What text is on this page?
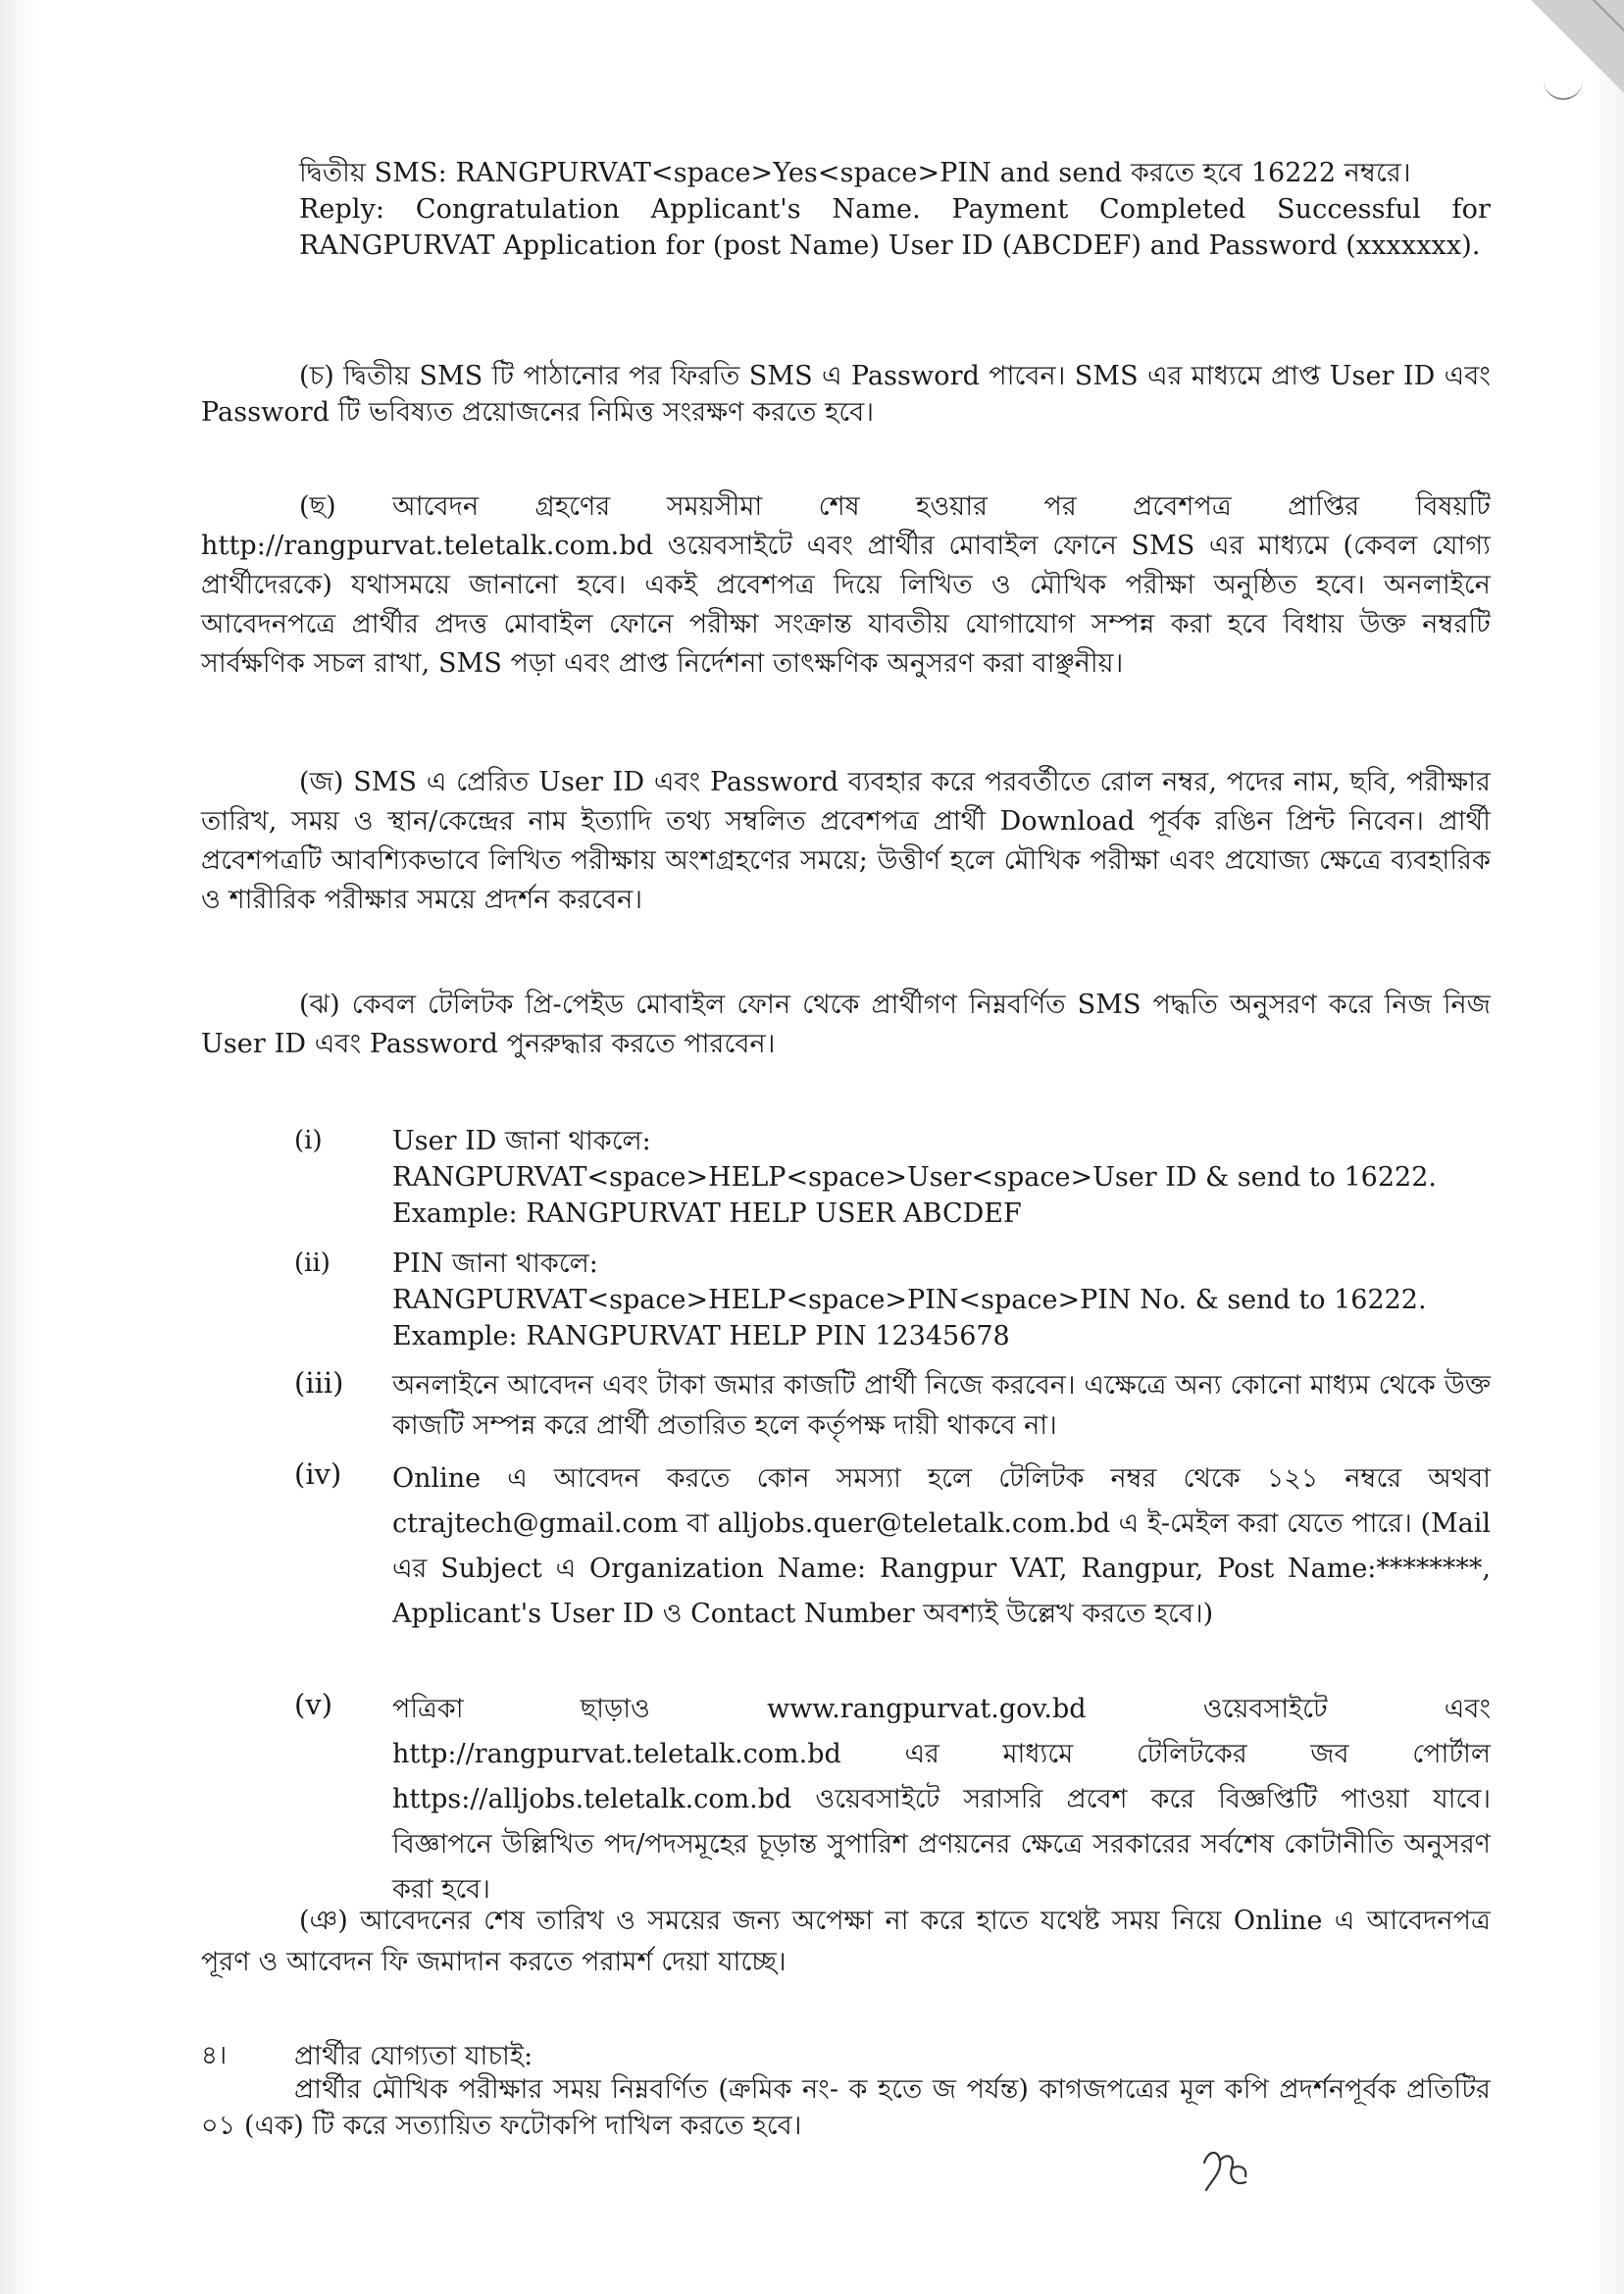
দ্বিতীয় SMS: RANGPURVAT<space>Yes<space>PIN and send করতে হবে 16222 নম্বরে।

Reply: Congratulation Applicant's Name. Payment Completed Successful for RANGPURVAT Application for (post Name) User ID (ABCDEF) and Password (xxxxxxx).

(চ) দ্বিতীয় SMS টি পাঠানোর পর ফিরতি SMS এ Password পাবেন। SMS এর মাধ্যমে প্রাপ্ত User ID এবং Password টি ভবিষ্যত প্রয়োজনের নিমিত্ত সংরক্ষণ করতে হবে।
(ছ) আবেদন গ্রহণের সময়সীমা শেষ হওয়ার পর প্রবেশপত্র প্রাপ্তির বিষয়টি http://rangpurvat.teletalk.com.bd ওয়েবসাইটে এবং প্রার্থীর মোবাইল ফোনে SMS এর মাধ্যমে (কেবল যোগ্য প্রার্থীদেরকে) যথাসময়ে জানানো হবে। একই প্রবেশপত্র দিয়ে লিখিত ও মৌখিক পরীক্ষা অনুষ্ঠিত হবে। অনলাইনে আবেদনপত্রে প্রার্থীর প্রদত্ত মোবাইল ফোনে পরীক্ষা সংক্রান্ত যাবতীয় যোগাযোগ সম্পন্ন করা হবে বিধায় উক্ত নম্বরটি সার্বক্ষণিক সচল রাখা, SMS পড়া এবং প্রাপ্ত নির্দেশনা তাৎক্ষণিক অনুসরণ করা বাঞ্ছনীয়।
(জ) SMS এ প্রেরিত User ID এবং Password ব্যবহার করে পরবর্তীতে রোল নম্বর, পদের নাম, ছবি, পরীক্ষার তারিখ, সময় ও স্থান/কেন্দ্রের নাম ইত্যাদি তথ্য সম্বলিত প্রবেশপত্র প্রার্থী Download পূর্বক রঙিন প্রিন্ট নিবেন। প্রার্থী প্রবেশপত্রটি আবশ্যিকভাবে লিখিত পরীক্ষায় অংশগ্রহণের সময়ে; উত্তীর্ণ হলে মৌখিক পরীক্ষা এবং প্রযোজ্য ক্ষেত্রে ব্যবহারিক ও শারীরিক পরীক্ষার সময়ে প্রদর্শন করবেন।
(ঝ) কেবল টেলিটক প্রি-পেইড মোবাইল ফোন থেকে প্রার্থীগণ নিম্নবর্ণিত SMS পদ্ধতি অনুসরণ করে নিজ নিজ User ID এবং Password পুনরুদ্ধার করতে পারবেন।
(i)	User ID জানা থাকলে:
RANGPURVAT<space>HELP<space>User<space>User ID & send to 16222.
Example: RANGPURVAT HELP USER ABCDEF
(ii) PIN জানা থাকলে:
RANGPURVAT<space>HELP<space>PIN<space>PIN No. & send to 16222.
Example: RANGPURVAT HELP PIN 12345678
(iii) অনলাইনে আবেদন এবং টাকা জমার কাজটি প্রার্থী নিজে করবেন। এক্ষেত্রে অন্য কোনো মাধ্যম থেকে উক্ত কাজটি সম্পন্ন করে প্রার্থী প্রতারিত হলে কর্তৃপক্ষ দায়ী থাকবে না।
(iv) Online এ আবেদন করতে কোন সমস্যা হলে টেলিটক নম্বর থেকে ১২১ নম্বরে অথবা ctrajtech@gmail.com বা alljobs.quer@teletalk.com.bd এ ই-মেইল করা যেতে পারে। (Mail এর Subject এ Organization Name: Rangpur VAT, Rangpur, Post Name:********, Applicant's User ID ও Contact Number অবশ্যই উল্লেখ করতে হবে।)
(v) পত্রিকা ছাড়াও www.rangpurvat.gov.bd ওয়েবসাইটে এবং http://rangpurvat.teletalk.com.bd এর মাধ্যমে টেলিটকের জব পোর্টাল https://alljobs.teletalk.com.bd ওয়েবসাইটে সরাসরি প্রবেশ করে বিজ্ঞপ্তিটি পাওয়া যাবে। বিজ্ঞাপনে উল্লিখিত পদ/পদসমূহের চূড়ান্ত সুপারিশ প্রণয়নের ক্ষেত্রে সরকারের সর্বশেষ কোটানীতি অনুসরণ করা হবে।
(ঞ) আবেদনের শেষ তারিখ ও সময়ের জন্য অপেক্ষা না করে হাতে যথেষ্ট সময় নিয়ে Online এ আবেদনপত্র পূরণ ও আবেদন ফি জমাদান করতে পরামর্শ দেয়া যাচ্ছে।
৪।	প্রার্থীর যোগ্যতা যাচাই:
প্রার্থীর মৌখিক পরীক্ষার সময় নিম্নবর্ণিত (ক্রমিক নং- ক হতে জ পর্যন্ত) কাগজপত্রের মূল কপি প্রদর্শনপূর্বক প্রতিটির ০১ (এক) টি করে সত্যায়িত ফটোকপি দাখিল করতে হবে।
